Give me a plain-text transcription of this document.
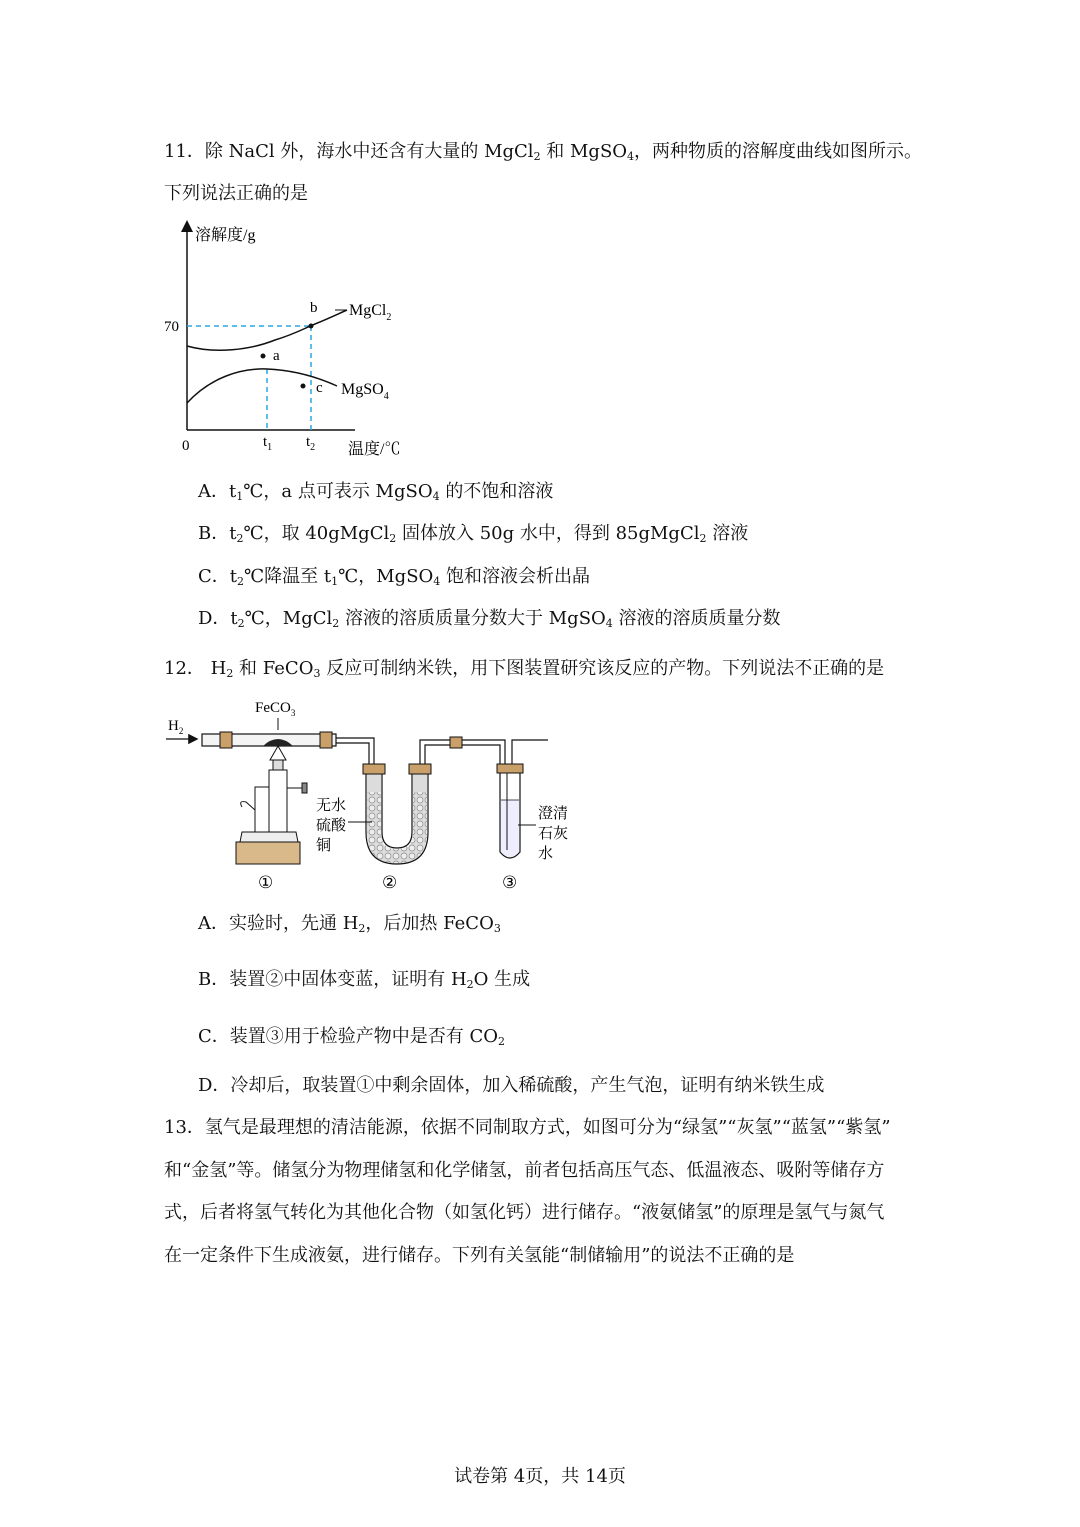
11．除 NaCl 外，海水中还含有大量的 MgCl$_2$ 和 MgSO$_4$，两种物质的溶解度曲线如图所示。
下列说法正确的是
a
b
c
溶解度/g
温度/℃
0
70
$t_1$ $t_2$
MgCl$_2$
MgSO$_4$
A．$t_1℃$，a 点可表示 MgSO$_4$ 的不饱和溶液
B．$t_2℃$，取 40gMgCl$_2$ 固体放入 50g 水中，得到 85gMgCl$_2$ 溶液
C．$t_2℃$降温至 $t_1℃$，MgSO$_4$ 饱和溶液会析出晶
D．$t_2℃$，MgCl$_2$ 溶液的溶质质量分数大于 MgSO$_4$ 溶液的溶质质量分数
12． $H_2$ 和 FeCO$_3$ 反应可制纳米铁，用下图装置研究该反应的产物。下列说法不正确的是
$H_2$
FeCO$_3$
①
无水
硫酸
铜
②
澄清
石灰
水
③
A．实验时，先通 $H_2$，后加热 FeCO$_3$
B．装置②中固体变蓝，证明有 $H_2O$ 生成
C．装置③用于检验产物中是否有 $CO_2$
D．冷却后，取装置①中剩余固体，加入稀硫酸，产生气泡，证明有纳米铁生成
13．氢气是最理想的清洁能源，依据不同制取方式，如图可分为“绿氢”“灰氢”“蓝氢”“紫氢”
和“金氢”等。储氢分为物理储氢和化学储氢，前者包括高压气态、低温液态、吸附等储存方
式，后者将氢气转化为其他化合物（如氢化钙）进行储存。“液氨储氢”的原理是氢气与氮气
在一定条件下生成液氨，进行储存。下列有关氢能“制储输用”的说法不正确的是
试卷第 4页，共 14页
